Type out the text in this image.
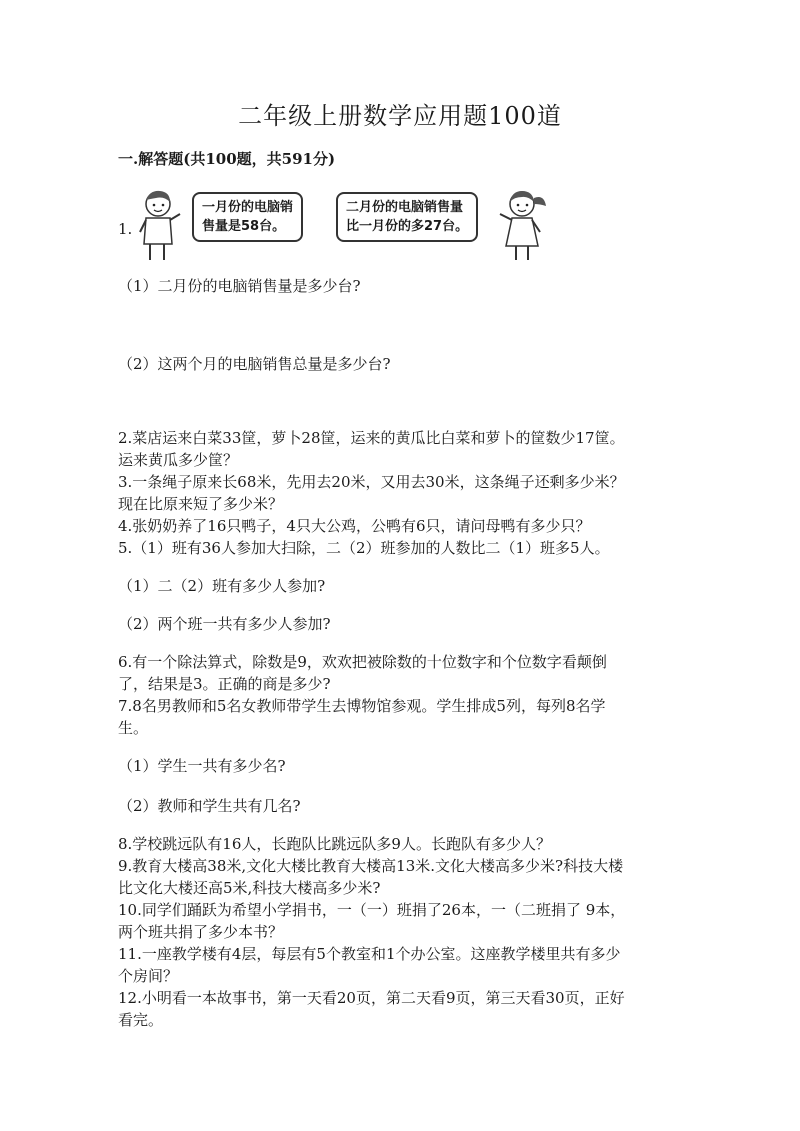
二年级上册数学应用题100道
一.解答题(共100题，共591分)
1.
一月份的电脑销
售量是58台。
二月份的电脑销售量
比一月份的多27台。
（1）二月份的电脑销售量是多少台?
（2）这两个月的电脑销售总量是多少台?
2.菜店运来白菜33筐，萝卜28筐，运来的黄瓜比白菜和萝卜的筐数少17筐。
运来黄瓜多少筐？
3.一条绳子原来长68米，先用去20米，又用去30米，这条绳子还剩多少米？
现在比原来短了多少米？
4.张奶奶养了16只鸭子，4只大公鸡，公鸭有6只，请问母鸭有多少只？
5.（1）班有36人参加大扫除，二（2）班参加的人数比二（1）班多5人。
（1）二（2）班有多少人参加?
（2）两个班一共有多少人参加?
6.有一个除法算式，除数是9，欢欢把被除数的十位数字和个位数字看颠倒
了，结果是3。正确的商是多少?
7.8名男教师和5名女教师带学生去博物馆参观。学生排成5列，每列8名学
生。
（1）学生一共有多少名?
（2）教师和学生共有几名?
8.学校跳远队有16人，长跑队比跳远队多9人。长跑队有多少人？
9.教育大楼高38米,文化大楼比教育大楼高13米.文化大楼高多少米?科技大楼
比文化大楼还高5米,科技大楼高多少米?
10.同学们踊跃为希望小学捐书，一（一）班捐了26本，一（二班捐了 9本，
两个班共捐了多少本书？
11.一座教学楼有4层，每层有5个教室和1个办公室。这座教学楼里共有多少
个房间？
12.小明看一本故事书，第一天看20页，第二天看9页，第三天看30页，正好
看完。
